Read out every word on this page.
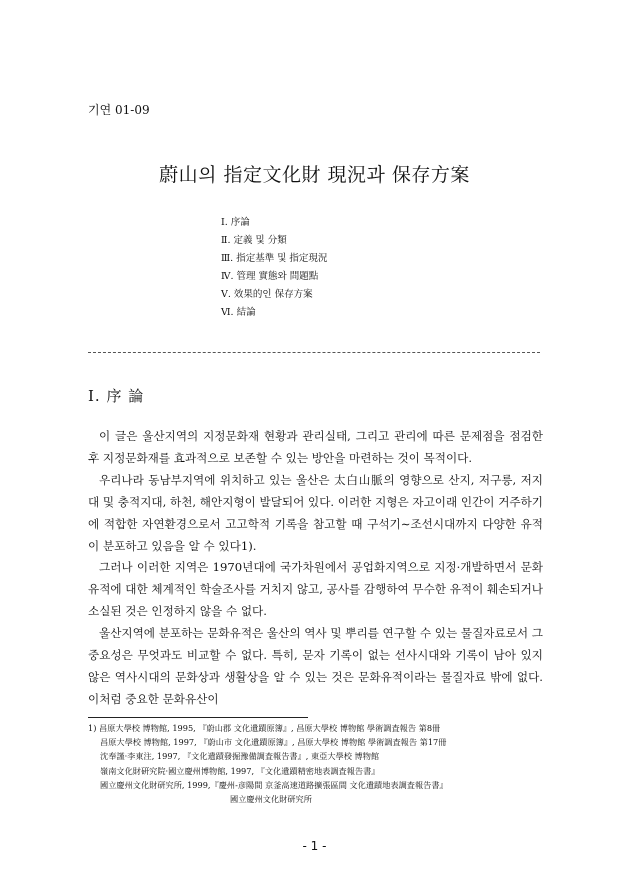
기연 01-09
蔚山의 指定文化財 現況과 保存方案
Ⅰ. 序論
Ⅱ. 定義 및 分類
Ⅲ. 指定基準 및 指定現況
Ⅳ. 管理 實態와 問題點
Ⅴ. 效果的인 保存方案
Ⅵ. 結論
Ⅰ. 序 論

이 글은 울산지역의 지정문화재 현황과 관리실태, 그리고 관리에 따른 문제점을 점검한 후 지정문화재를 효과적으로 보존할 수 있는 방안을 마련하는 것이 목적이다.

우리나라 동남부지역에 위치하고 있는 울산은 太白山脈의 영향으로 산지, 저구릉, 저지대 및 충적지대, 하천, 해안지형이 발달되어 있다. 이러한 지형은 자고이래 인간이 거주하기에 적합한 자연환경으로서 고고학적 기록을 참고할 때 구석기∼조선시대까지 다양한 유적이 분포하고 있음을 알 수 있다1).

그러나 이러한 지역은 1970년대에 국가차원에서 공업화지역으로 지정·개발하면서 문화유적에 대한 체계적인 학술조사를 거치지 않고, 공사를 감행하여 무수한 유적이 훼손되거나 소실된 것은 인정하지 않을 수 없다.

울산지역에 분포하는 문화유적은 울산의 역사 및 뿌리를 연구할 수 있는 물질자료로서 그 중요성은 무엇과도 비교할 수 없다. 특히, 문자 기록이 없는 선사시대와 기록이 남아 있지 않은 역사시대의 문화상과 생활상을 알 수 있는 것은 문화유적이라는 물질자료 밖에 없다. 이처럼 중요한 문화유산이

1) 昌原大學校 博物館, 1995, 『蔚山郡 文化遺蹟原簿』, 昌原大學校 博物館 學術調査報告 第8冊
昌原大學校 博物館, 1997, 『蔚山市 文化遺蹟原簿』, 昌原大學校 博物館 學術調査報告 第17冊
沈奉謹·李東注, 1997, 『文化遺蹟發掘豫備調査報告書』, 東亞大學校 博物館
嶺南文化財硏究院·國立慶州博物館, 1997, 『文化遺蹟精密地表調査報告書』
國立慶州文化財研究所, 1999,『慶州-彦陽間 京釜高速道路擴張區間 文化遺蹟地表調査報告書』
國立慶州文化財研究所
- 1 -
